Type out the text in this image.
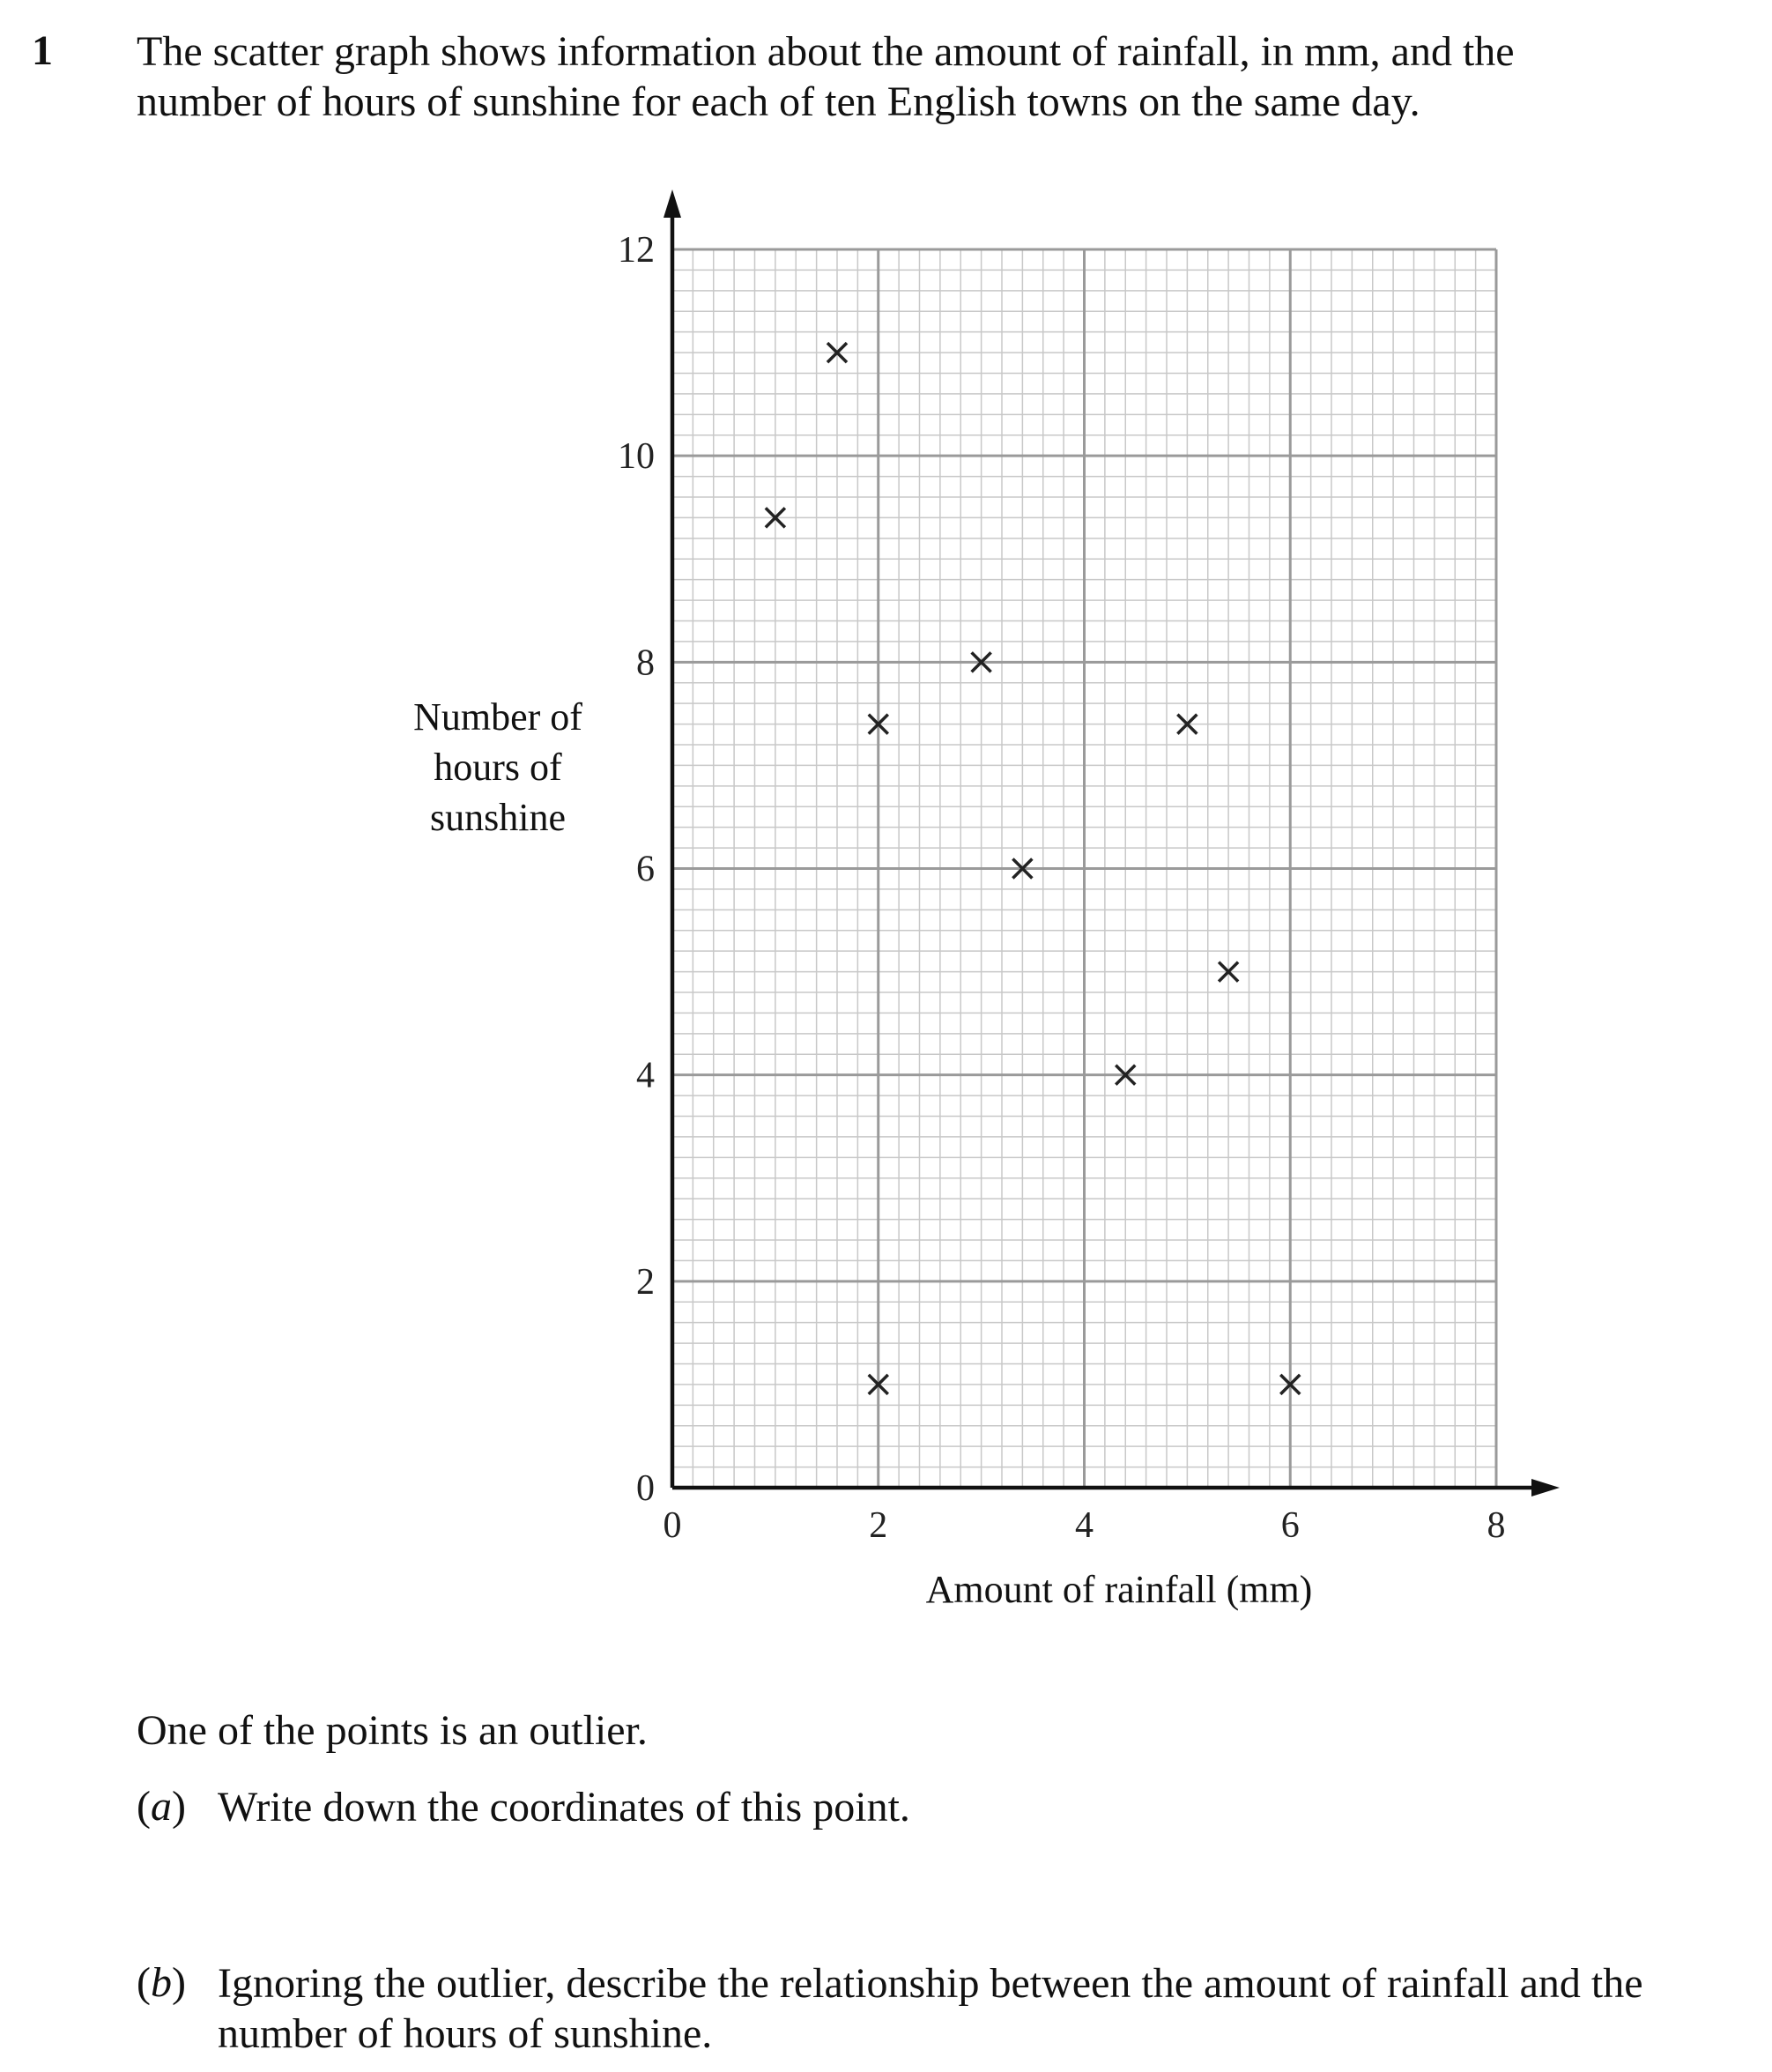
1 The scatter graph shows information about the amount of rainfall, in mm, and the

number of hours of sunshine for each of ten English towns on the same day.

0	2	4	6	8
0
2
4
6
8
10
12
Number of
hours of
sunshine
Amount of rainfall (mm)
One of the points is an outlier.
(a) Write down the coordinates of this point.
(b) Ignoring the outlier, describe the relationship between the amount of rainfall and the
number of hours of sunshine.
